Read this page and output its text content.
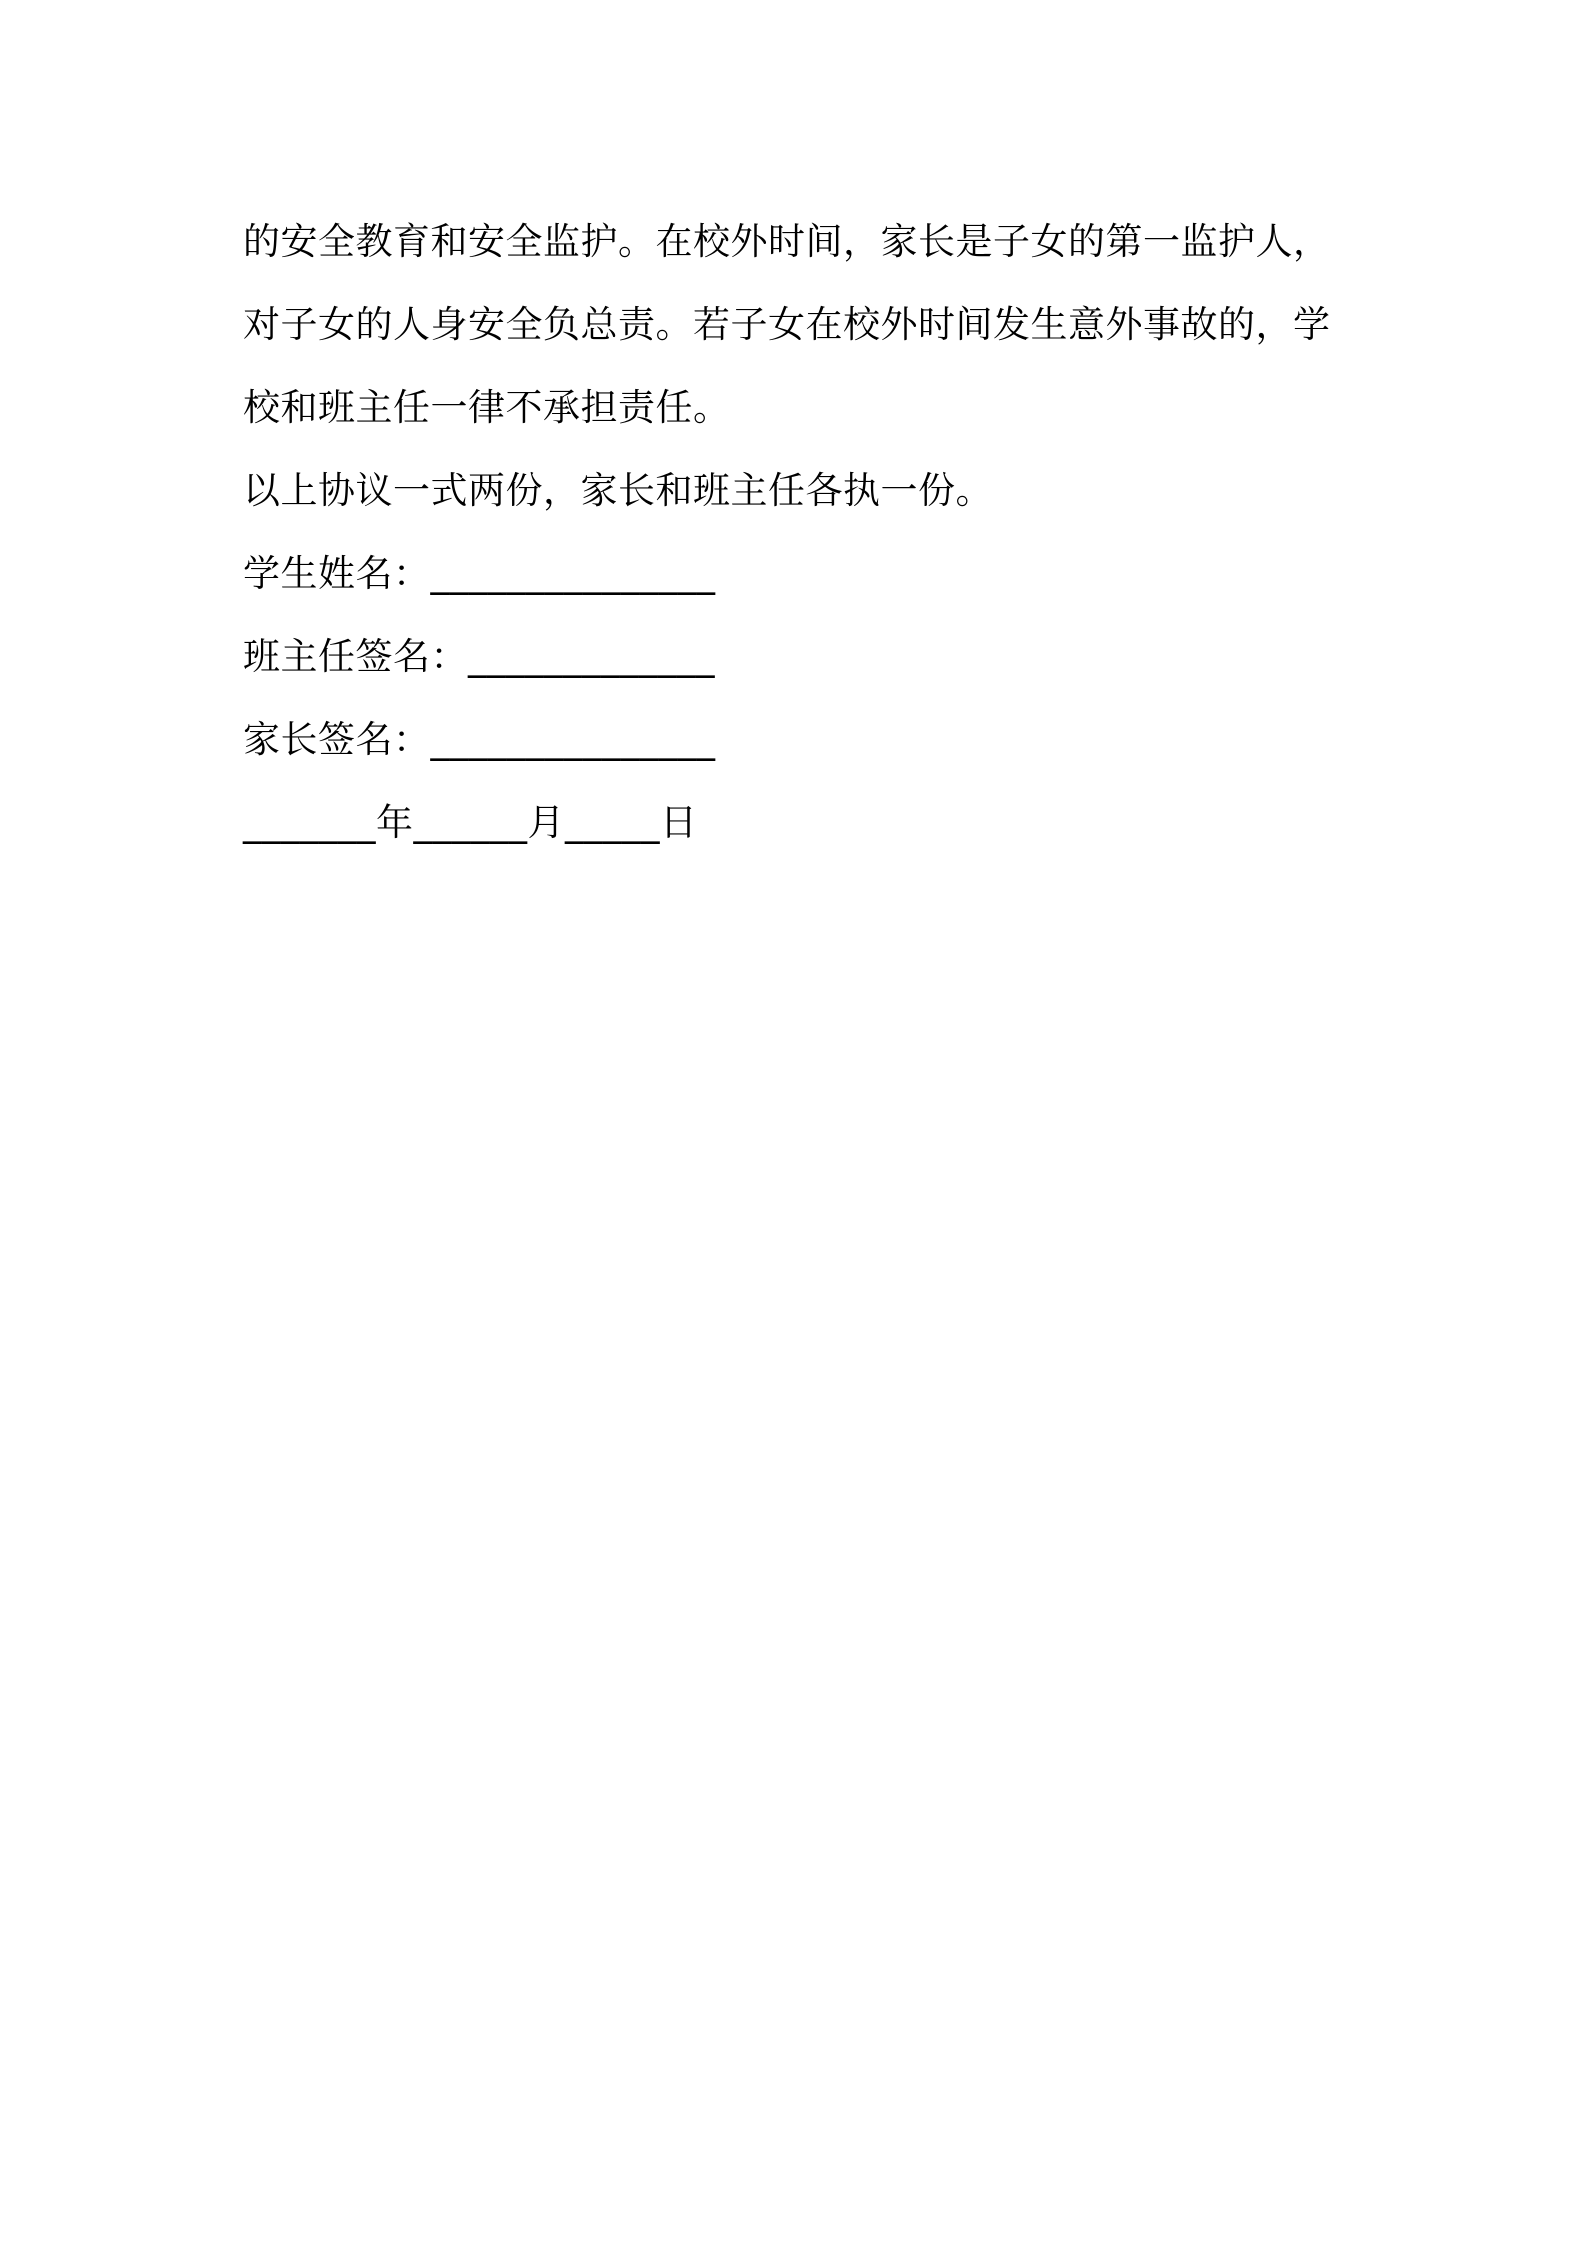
的安全教育和安全监护。在校外时间，家长是子女的第一监护人，对子女的人身安全负总责。若子女在校外时间发生意外事故的，学校和班主任一律不承担责任。

以上协议一式两份，家长和班主任各执一份。

学生姓名：_______________

班主任签名：_____________

家长签名：_______________

_______年______月_____日
